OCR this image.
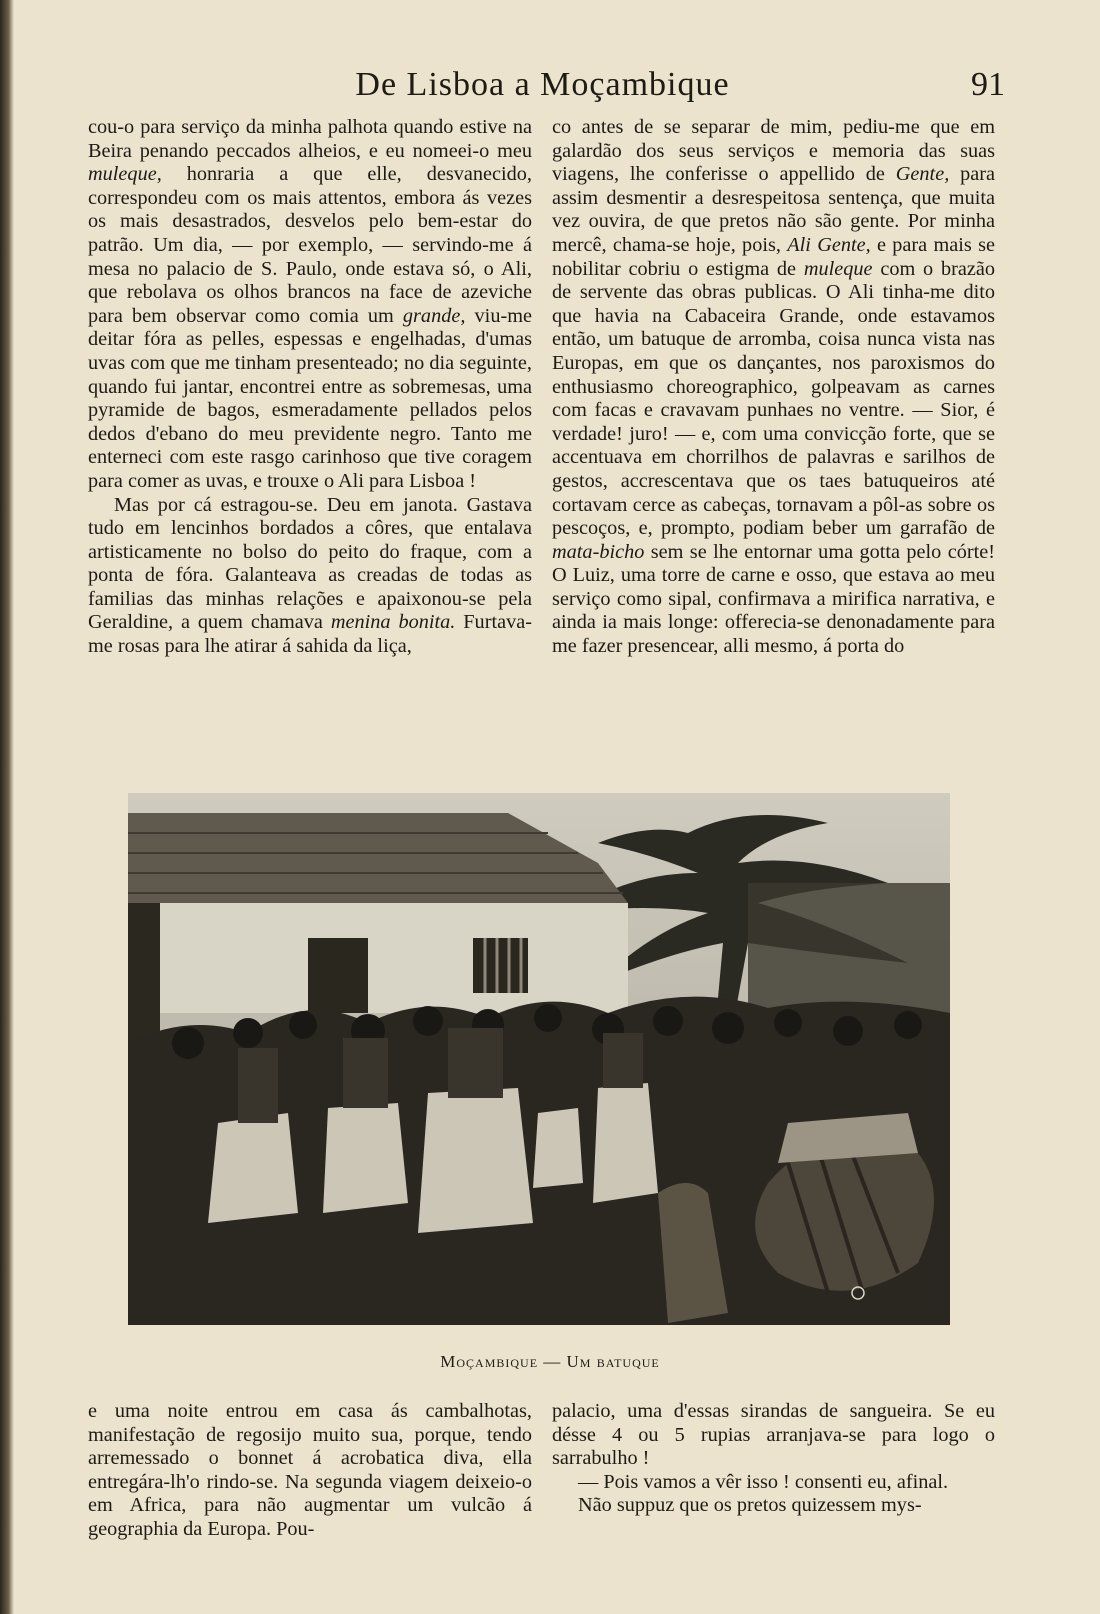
De Lisboa a Moçambique	91

cou-o para serviço da minha palhota quando estive na Beira penando peccados alheios, e eu nomeei-o meu muleque, honraria a que elle, desvanecido, correspondeu com os mais attentos, embora ás vezes os mais desastrados, desvelos pelo bem-estar do patrão. Um dia, — por exemplo, — servindo-me á mesa no palacio de S. Paulo, onde estava só, o Ali, que rebolava os olhos brancos na face de azeviche para bem observar como comia um grande, viu-me deitar fóra as pelles, espessas e engelhadas, d'umas uvas com que me tinham presenteado; no dia seguinte, quando fui jantar, encontrei entre as sobremesas, uma pyramide de bagos, esmeradamente pellados pelos dedos d'ebano do meu previdente negro. Tanto me enterneci com este rasgo carinhoso que tive coragem para comer as uvas, e trouxe o Ali para Lisboa !

Mas por cá estragou-se. Deu em janota. Gastava tudo em lencinhos bordados a côres, que entalava artisticamente no bolso do peito do fraque, com a ponta de fóra. Galanteava as creadas de todas as familias das minhas relações e apaixonou-se pela Geraldine, a quem chamava menina bonita. Furtava-me rosas para lhe atirar á sahida da liça,

co antes de se separar de mim, pediu-me que em galardão dos seus serviços e memoria das suas viagens, lhe conferisse o appellido de Gente, para assim desmentir a desrespeitosa sentença, que muita vez ouvira, de que pretos não são gente. Por minha mercê, chama-se hoje, pois, Ali Gente, e para mais se nobilitar cobriu o estigma de muleque com o brazão de servente das obras publicas. O Ali tinha-me dito que havia na Cabaceira Grande, onde estavamos então, um batuque de arromba, coisa nunca vista nas Europas, em que os dançantes, nos paroxismos do enthusiasmo choreographico, golpeavam as carnes com facas e cravavam punhaes no ventre. — Sior, é verdade! juro! — e, com uma convicção forte, que se accentuava em chorrilhos de palavras e sarilhos de gestos, accrescentava que os taes batuqueiros até cortavam cerce as cabeças, tornavam a pôl-as sobre os pescoços, e, prompto, podiam beber um garrafão de mata-bicho sem se lhe entornar uma gotta pelo córte! O Luiz, uma torre de carne e osso, que estava ao meu serviço como sipal, confirmava a mirifica narrativa, e ainda ia mais longe: offerecia-se denonadamente para me fazer presencear, alli mesmo, á porta do

Moçambique — Um batuque

e uma noite entrou em casa ás cambalhotas, manifestação de regosijo muito sua, porque, tendo arremessado o bonnet á acrobatica diva, ella entregára-lh'o rindo-se. Na segunda viagem deixeio-o em Africa, para não augmentar um vulcão á geographia da Europa. Pou-

palacio, uma d'essas sirandas de sangueira. Se eu désse 4 ou 5 rupias arranjava-se para logo o sarrabulho !

— Pois vamos a vêr isso ! consenti eu, afinal.

Não suppuz que os pretos quizessem mys-
